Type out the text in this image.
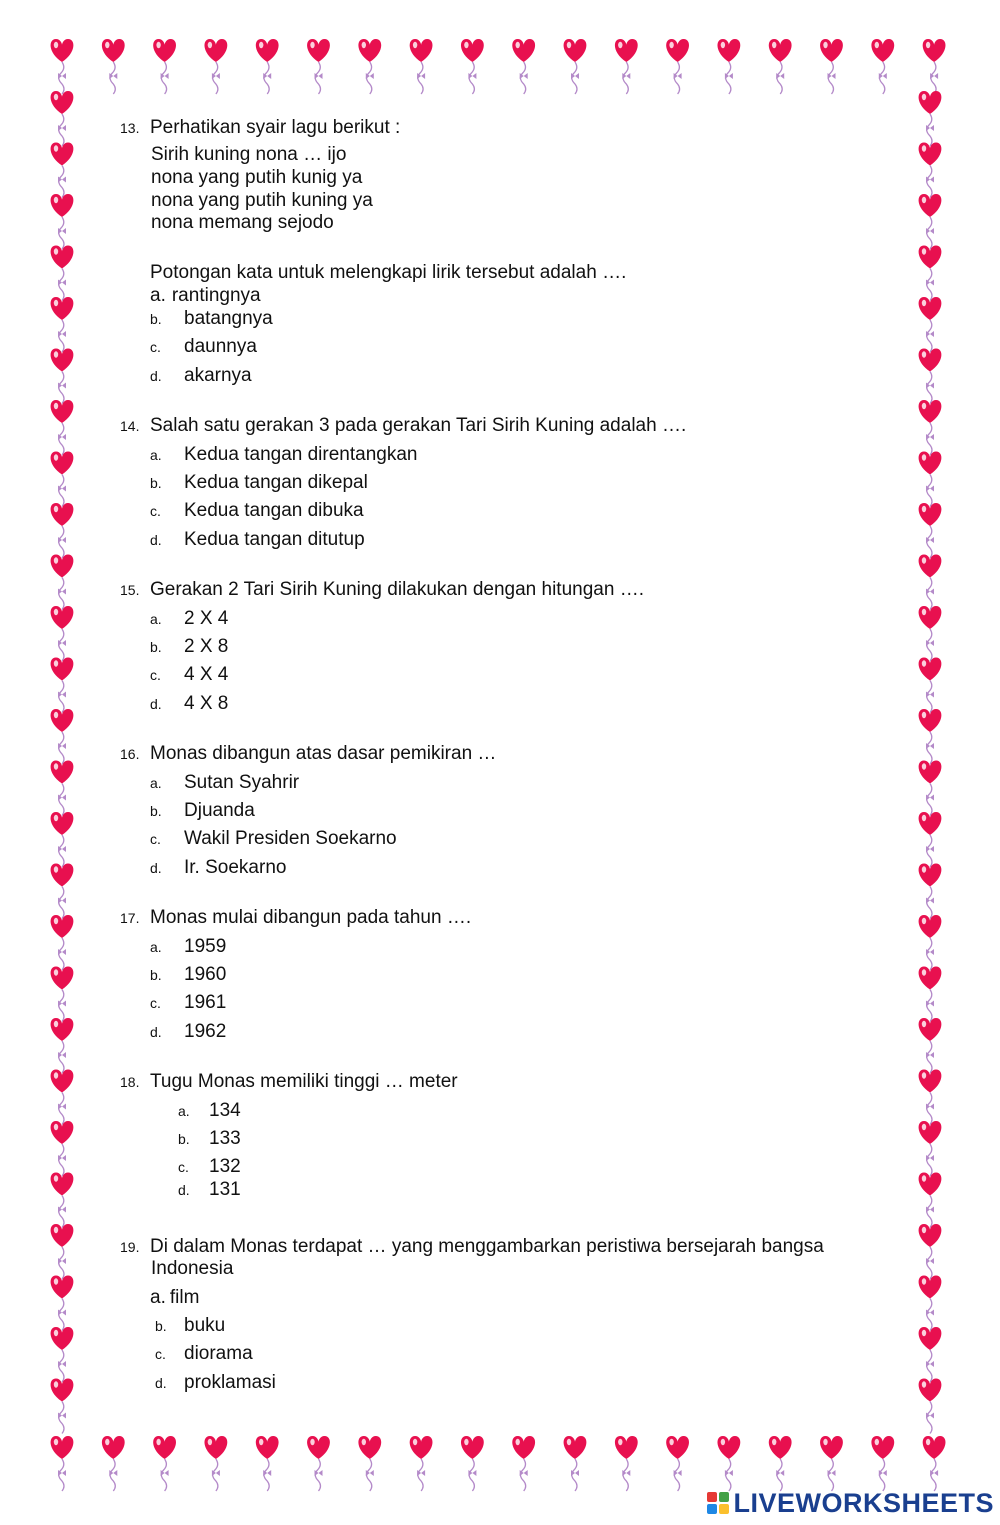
13. Perhatikan syair lagu berikut :
Sirih kuning nona … ijo
nona yang putih kunig ya
nona yang putih kuning ya
nona memang sejodo
Potongan kata untuk melengkapi lirik tersebut adalah ….
a. rantingnya
b. batangnya
c. daunnya
d. akarnya
14. Salah satu gerakan 3 pada gerakan Tari Sirih Kuning adalah ….
a. Kedua tangan direntangkan
b. Kedua tangan dikepal
c. Kedua tangan dibuka
d. Kedua tangan ditutup
15. Gerakan 2 Tari Sirih Kuning dilakukan dengan hitungan ….
a. 2 X 4
b. 2 X 8
c. 4 X 4
d. 4 X 8
16. Monas dibangun atas dasar pemikiran …
a. Sutan Syahrir
b. Djuanda
c. Wakil Presiden Soekarno
d. Ir. Soekarno
17. Monas mulai dibangun pada tahun ….
a. 1959
b. 1960
c. 1961
d. 1962
18. Tugu Monas memiliki tinggi … meter
a. 134
b. 133
c. 132
d. 131
19. Di dalam Monas terdapat … yang menggambarkan peristiwa bersejarah bangsa
Indonesia
a. film
b. buku
c. diorama
d. proklamasi
LIVEWORKSHEETS
